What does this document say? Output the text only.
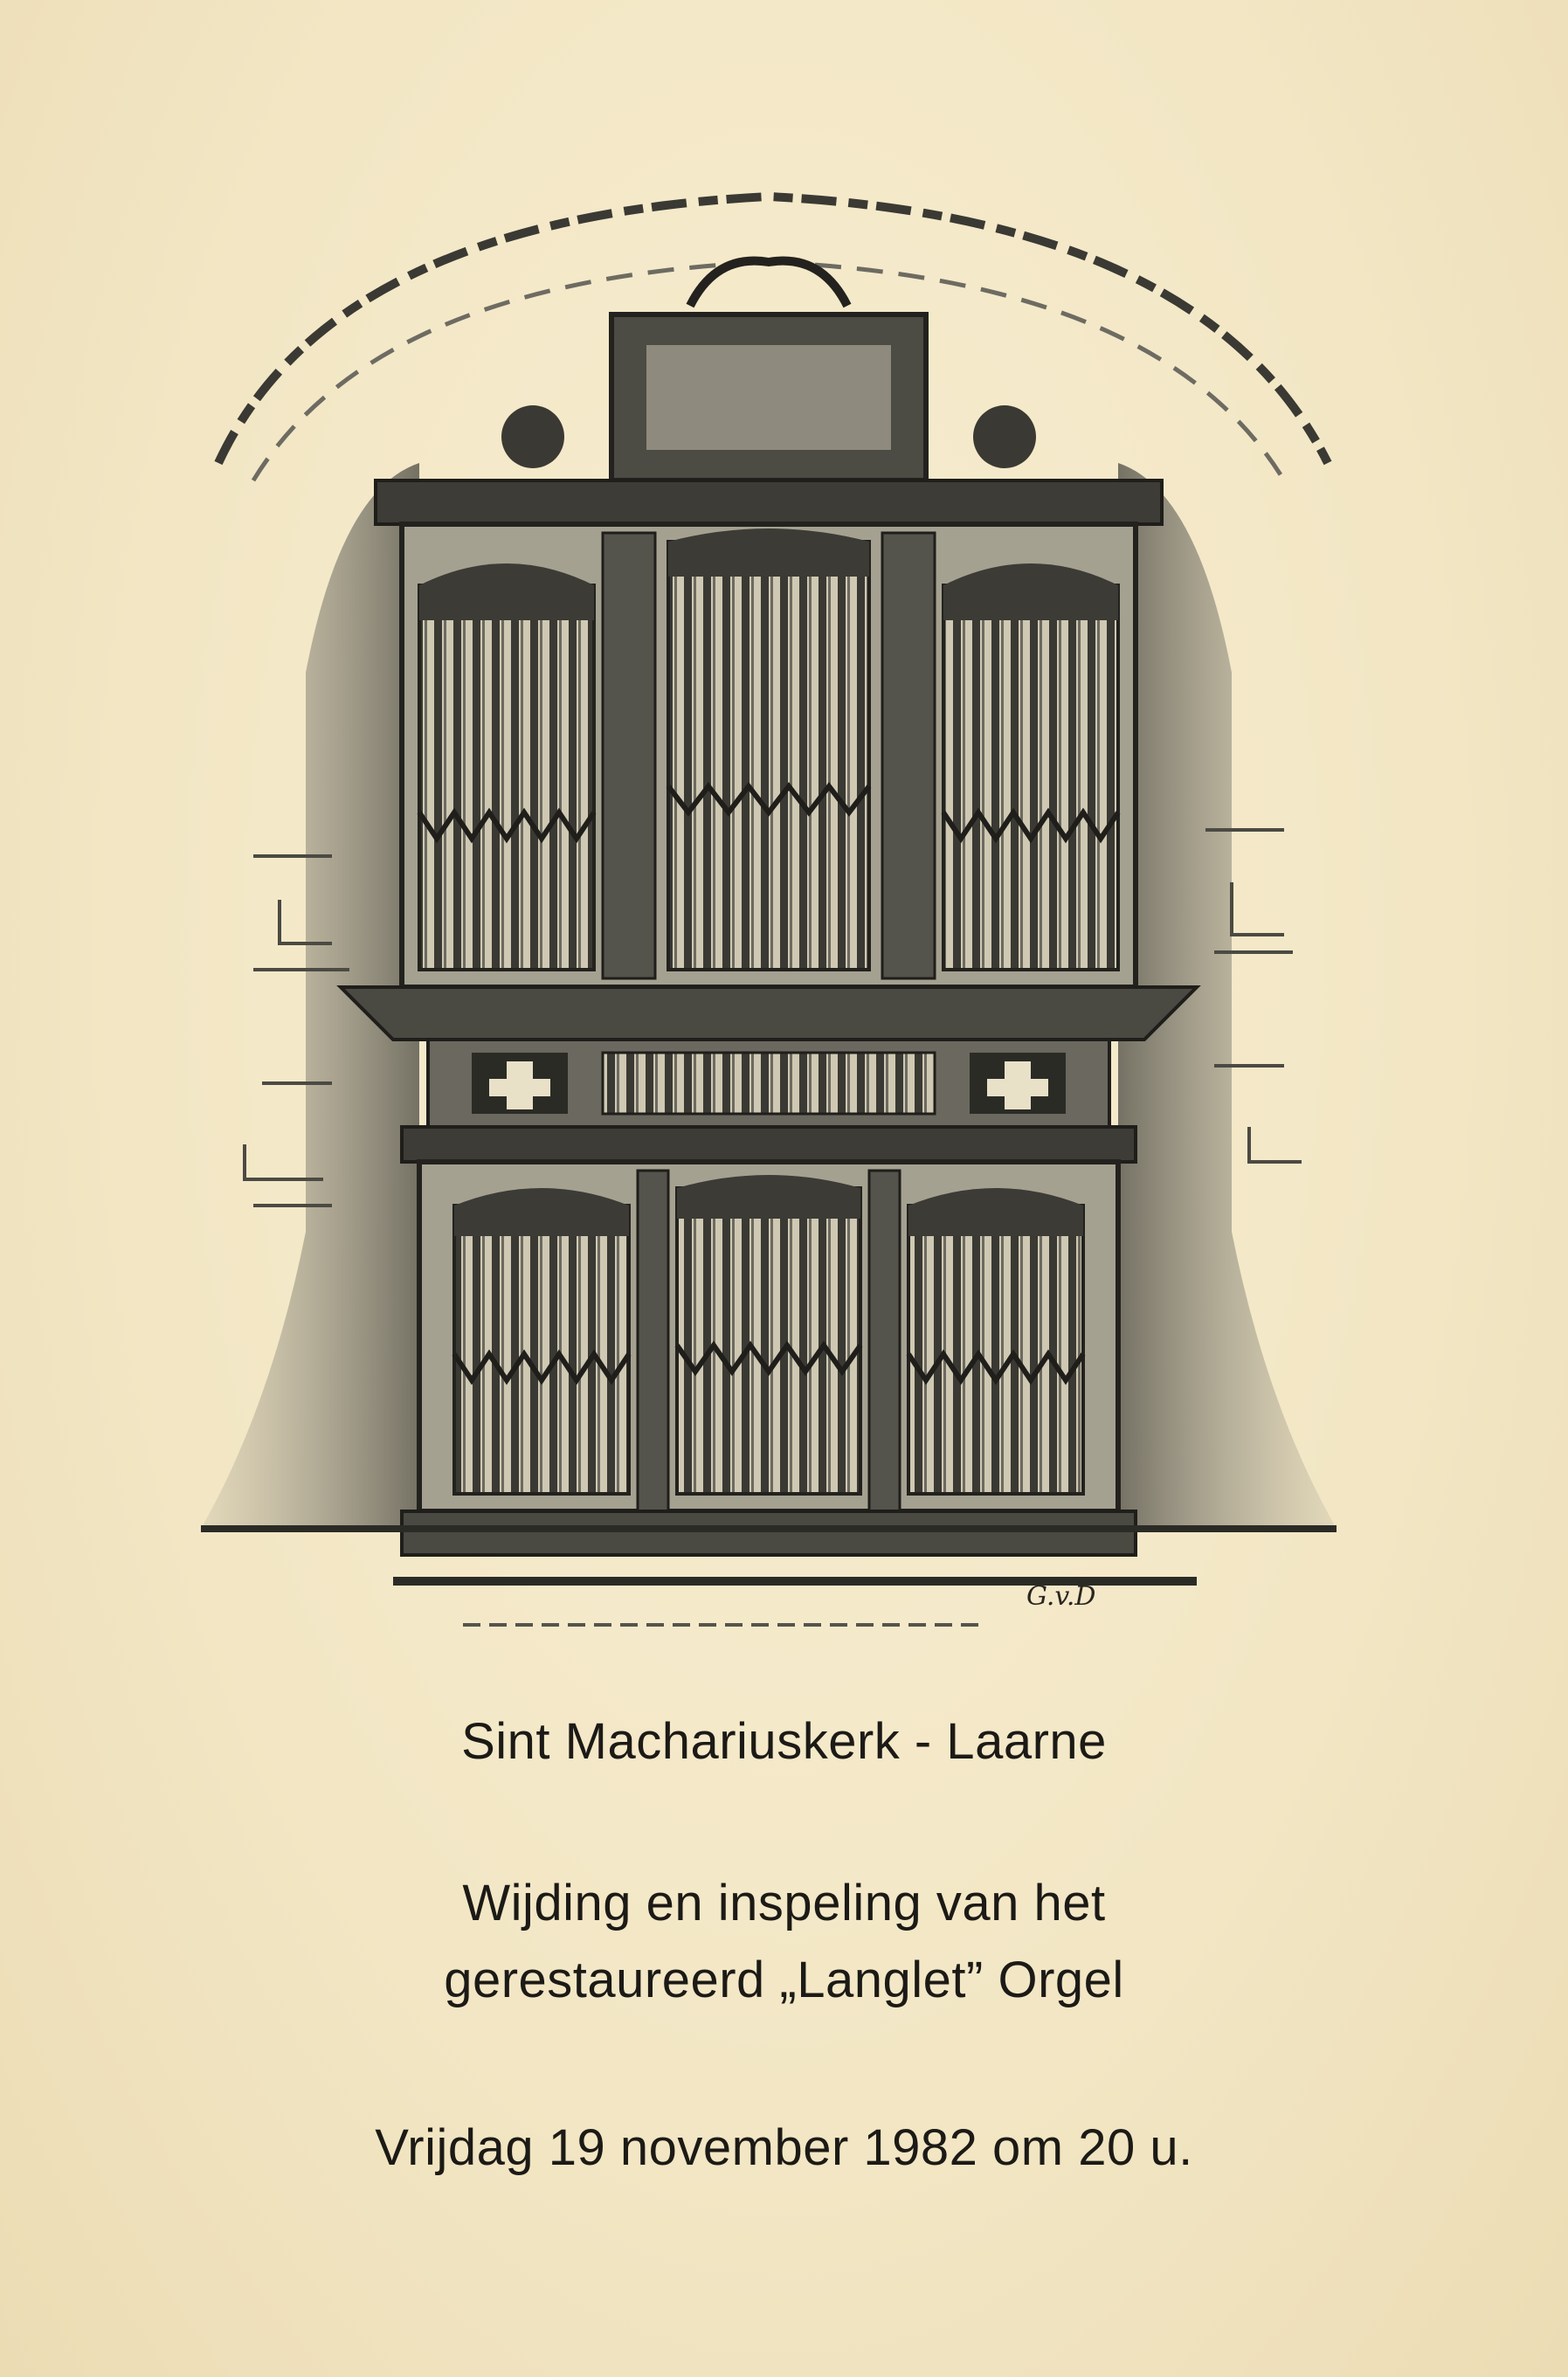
G.v.D

Sint Machariuskerk - Laarne

Wijding en inspeling van het
gerestaureerd „Langlet” Orgel

Vrijdag 19 november 1982 om 20 u.
